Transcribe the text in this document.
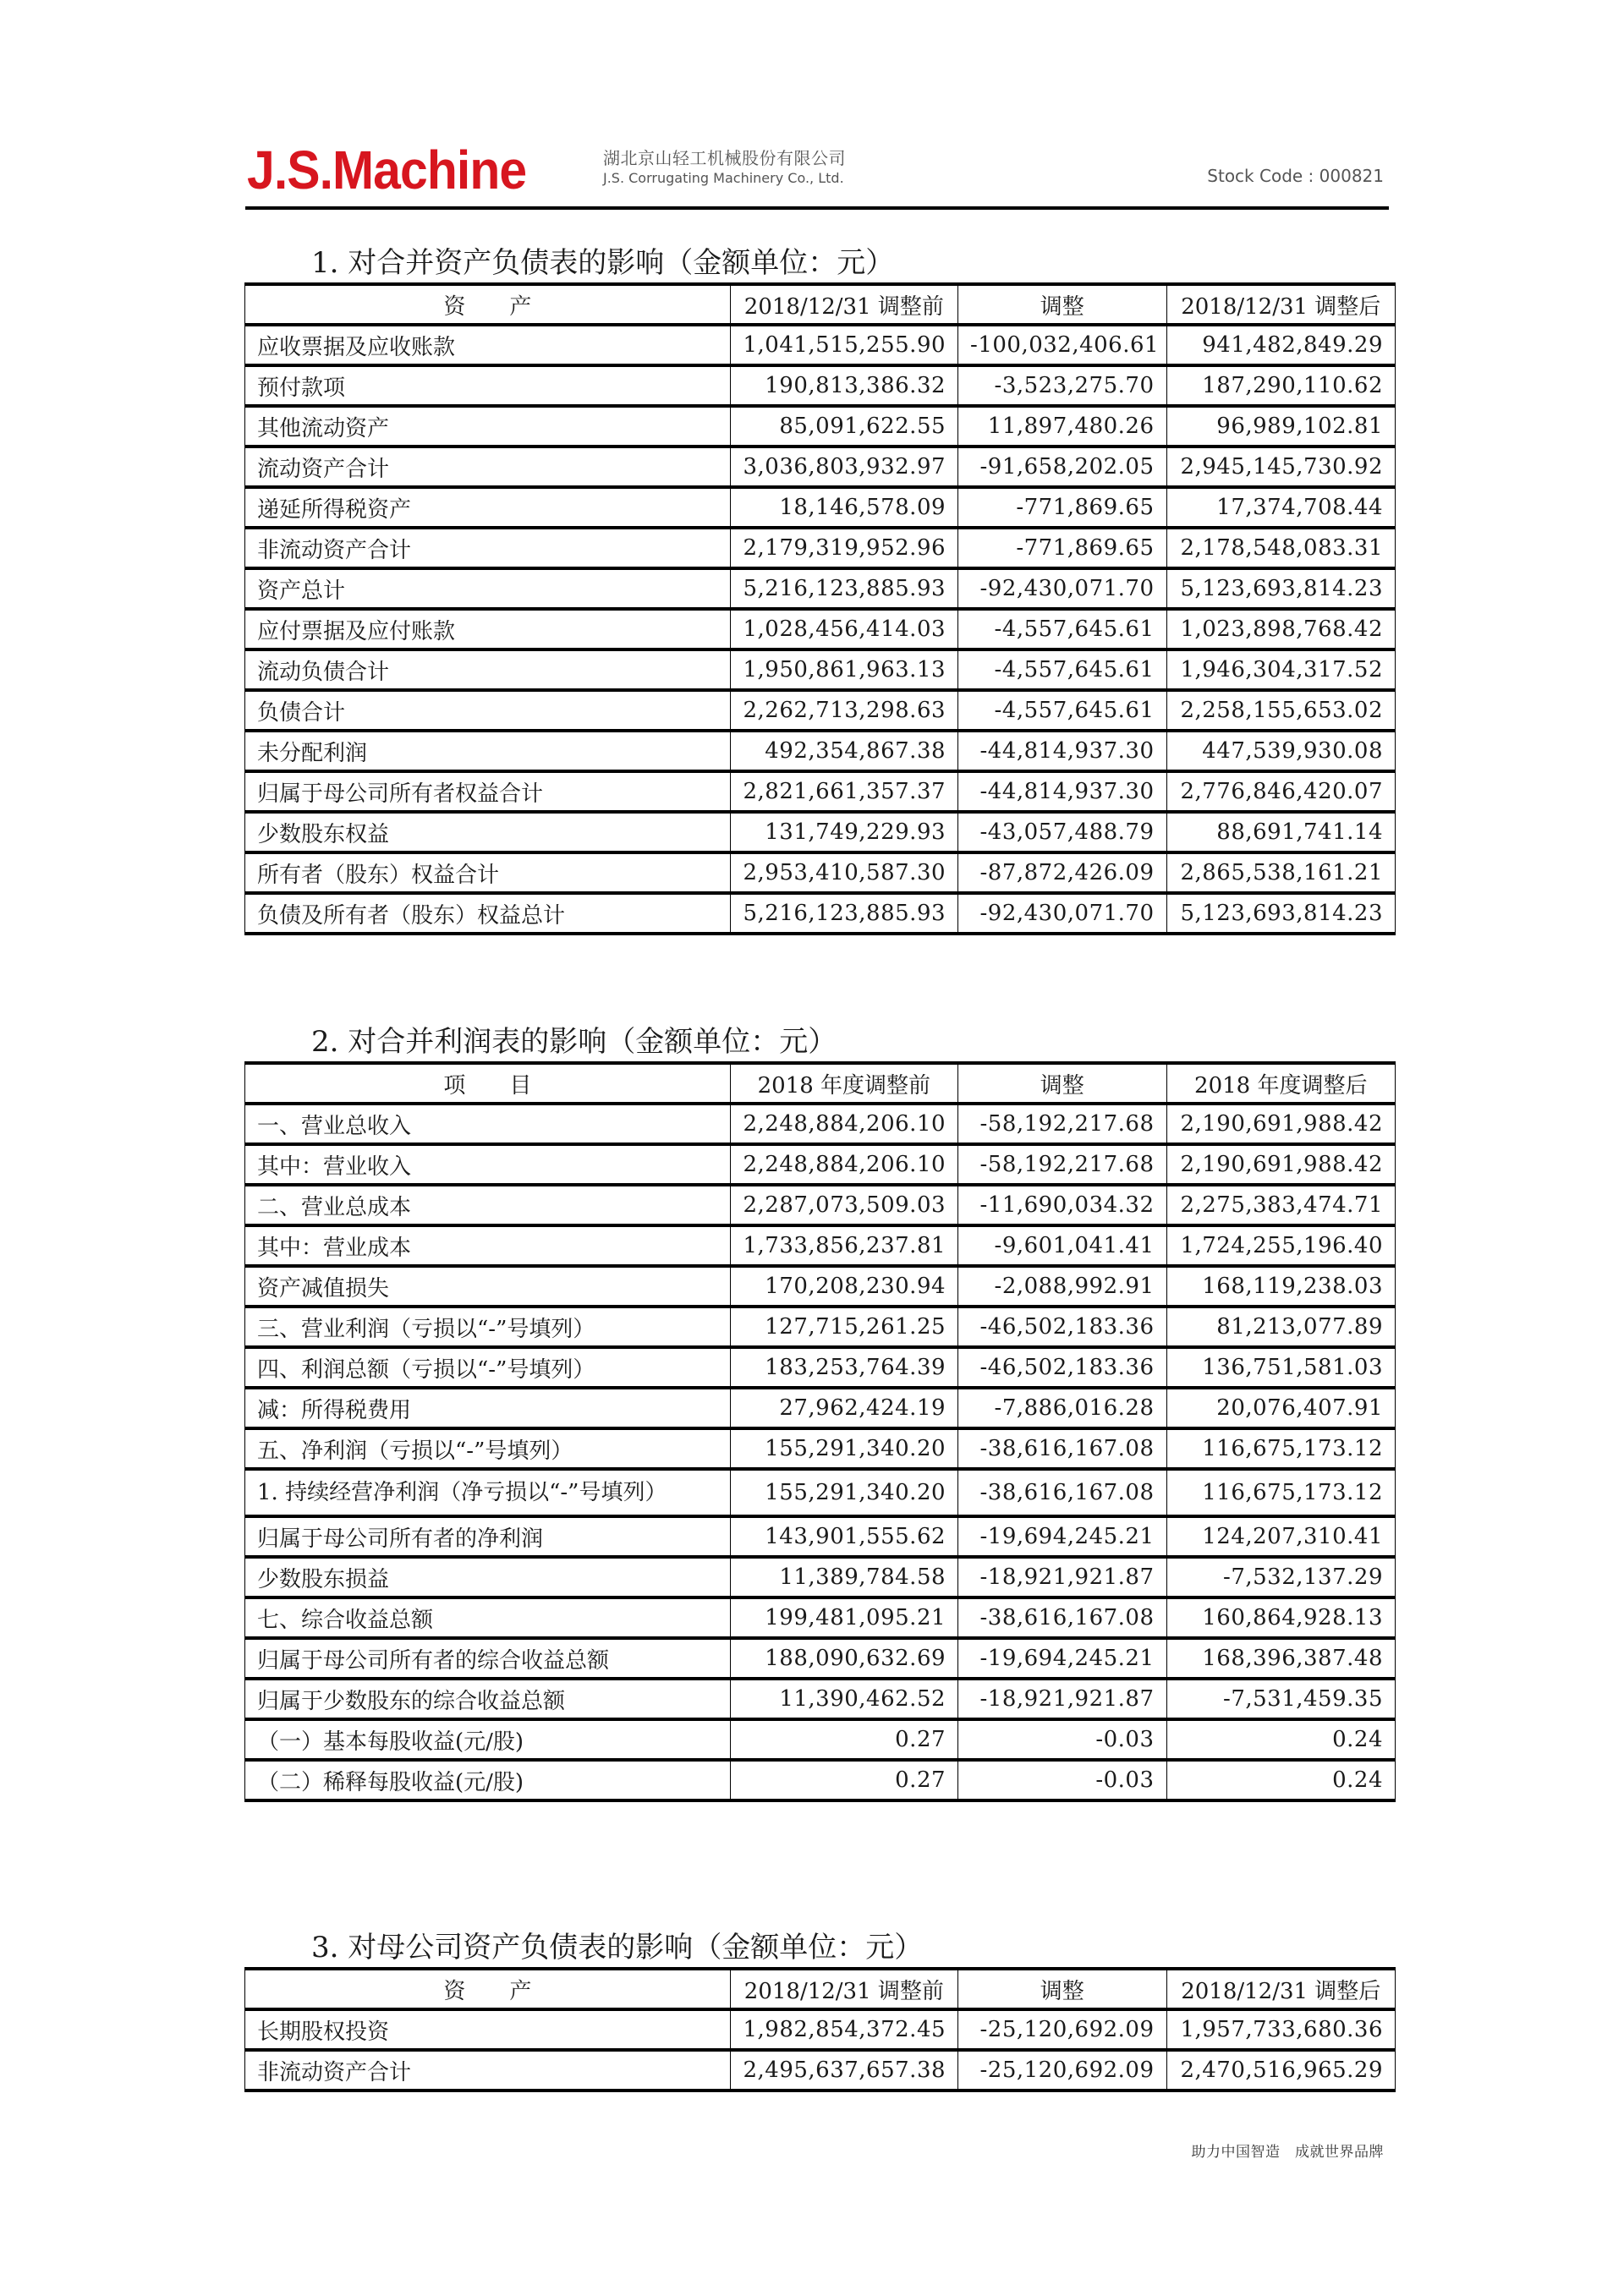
J.S.Machine	湖北京山轻工机械股份有限公司
J.S. Corrugating Machinery Co., Ltd.	Stock Code : 000821
1. 对合并资产负债表的影响（金额单位：元）
资　　产	2018/12/31 调整前	调整	2018/12/31 调整后
应收票据及应收账款	1,041,515,255.90	-100,032,406.61	941,482,849.29
预付款项	190,813,386.32	-3,523,275.70	187,290,110.62
其他流动资产	85,091,622.55	11,897,480.26	96,989,102.81
流动资产合计	3,036,803,932.97	-91,658,202.05	2,945,145,730.92
递延所得税资产	18,146,578.09	-771,869.65	17,374,708.44
非流动资产合计	2,179,319,952.96	-771,869.65	2,178,548,083.31
资产总计	5,216,123,885.93	-92,430,071.70	5,123,693,814.23
应付票据及应付账款	1,028,456,414.03	-4,557,645.61	1,023,898,768.42
流动负债合计	1,950,861,963.13	-4,557,645.61	1,946,304,317.52
负债合计	2,262,713,298.63	-4,557,645.61	2,258,155,653.02
未分配利润	492,354,867.38	-44,814,937.30	447,539,930.08
归属于母公司所有者权益合计	2,821,661,357.37	-44,814,937.30	2,776,846,420.07
少数股东权益	131,749,229.93	-43,057,488.79	88,691,741.14
所有者（股东）权益合计	2,953,410,587.30	-87,872,426.09	2,865,538,161.21
负债及所有者（股东）权益总计	5,216,123,885.93	-92,430,071.70	5,123,693,814.23
2. 对合并利润表的影响（金额单位：元）
项　　目	2018 年度调整前	调整	2018 年度调整后
一、营业总收入	2,248,884,206.10	-58,192,217.68	2,190,691,988.42
其中：营业收入	2,248,884,206.10	-58,192,217.68	2,190,691,988.42
二、营业总成本	2,287,073,509.03	-11,690,034.32	2,275,383,474.71
其中：营业成本	1,733,856,237.81	-9,601,041.41	1,724,255,196.40
资产减值损失	170,208,230.94	-2,088,992.91	168,119,238.03
三、营业利润（亏损以“-”号填列）	127,715,261.25	-46,502,183.36	81,213,077.89
四、利润总额（亏损以“-”号填列）	183,253,764.39	-46,502,183.36	136,751,581.03
减：所得税费用	27,962,424.19	-7,886,016.28	20,076,407.91
五、净利润（亏损以“-”号填列）	155,291,340.20	-38,616,167.08	116,675,173.12
1. 持续经营净利润（净亏损以“-”号填列）	155,291,340.20	-38,616,167.08	116,675,173.12
归属于母公司所有者的净利润	143,901,555.62	-19,694,245.21	124,207,310.41
少数股东损益	11,389,784.58	-18,921,921.87	-7,532,137.29
七、综合收益总额	199,481,095.21	-38,616,167.08	160,864,928.13
归属于母公司所有者的综合收益总额	188,090,632.69	-19,694,245.21	168,396,387.48
归属于少数股东的综合收益总额	11,390,462.52	-18,921,921.87	-7,531,459.35
（一）基本每股收益(元/股)	0.27	-0.03	0.24
（二）稀释每股收益(元/股)	0.27	-0.03	0.24
3. 对母公司资产负债表的影响（金额单位：元）
资　　产	2018/12/31 调整前	调整	2018/12/31 调整后
长期股权投资	1,982,854,372.45	-25,120,692.09	1,957,733,680.36
非流动资产合计	2,495,637,657.38	-25,120,692.09	2,470,516,965.29
助力中国智造　成就世界品牌
